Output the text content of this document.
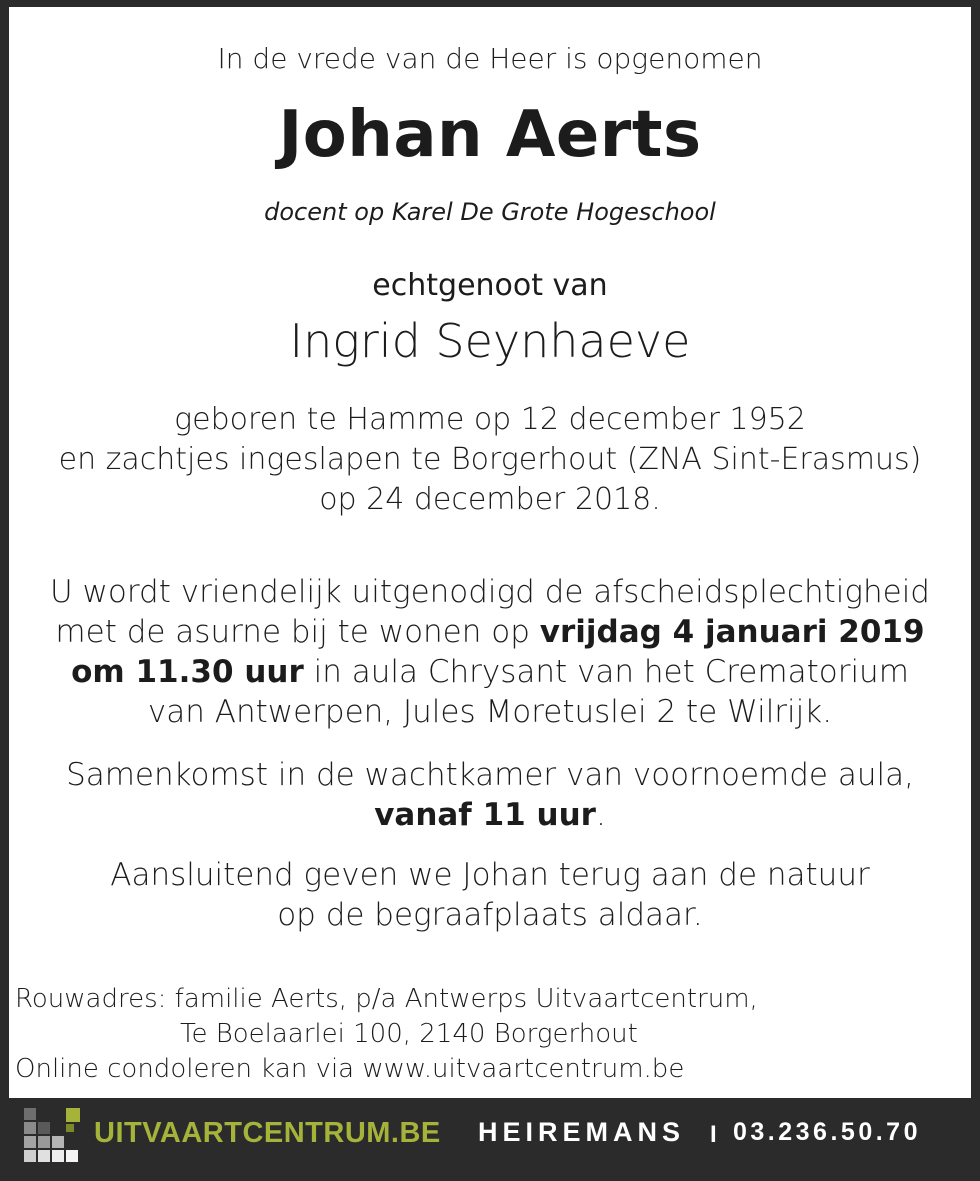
In de vrede van de Heer is opgenomen
Johan Aerts
docent op Karel De Grote Hogeschool
echtgenoot van
Ingrid Seynhaeve
geboren te Hamme op 12 december 1952
en zachtjes ingeslapen te Borgerhout (ZNA Sint-Erasmus)
op 24 december 2018.
U wordt vriendelijk uitgenodigd de afscheidsplechtigheid
met de asurne bij te wonen op vrijdag 4 januari 2019
om 11.30 uur in aula Chrysant van het Crematorium
van Antwerpen, Jules Moretuslei 2 te Wilrijk.
Samenkomst in de wachtkamer van voornoemde aula,
vanaf 11 uur.
Aansluitend geven we Johan terug aan de natuur
op de begraafplaats aldaar.
Rouwadres: familie Aerts, p/a Antwerps Uitvaartcentrum,
Te Boelaarlei 100, 2140 Borgerhout
Online condoleren kan via www.uitvaartcentrum.be
UITVAARTCENTRUM.BE HEIREMANS I 03.236.50.70
